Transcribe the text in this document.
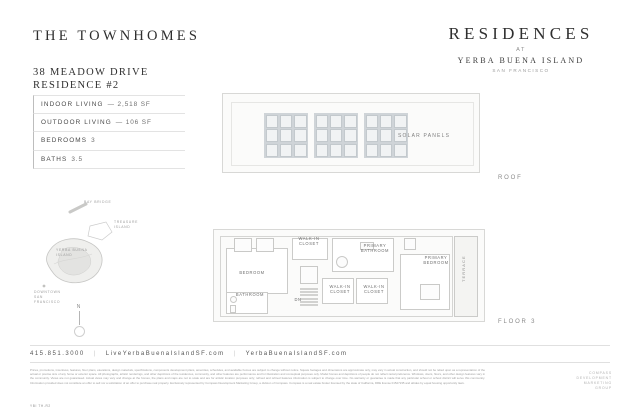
THE TOWNHOMES	RESIDENCES
AT
YERBA BUENA ISLAND
SAN FRANCISCO
38 MEADOW DRIVE
RESIDENCE #2
INDOOR LIVING — 2,518 SF
OUTDOOR LIVING — 106 SF
BEDROOMS 3
BATHS 3.5
BAY BRIDGE
YERBA BUENA ISLAND
TREASURE ISLAND
DOWNTOWN SAN FRANCISCO
N
SOLAR PANELS
ROOF
BEDROOM
BATHROOM
WALK-IN CLOSET
WALK-IN CLOSET
WALK-IN CLOSET
PRIMARY BATHROOM
PRIMARY BEDROOM
DN
TERRACE
FLOOR 3
415.851.3000 | LiveYerbaBuenaIslandSF.com | YerbaBuenaIslandSF.com
Prices, promotions, incentives, features, floor plans, elevations, design materials, specifications, components development plans, amenities, schedules, and available homes are subject to change without notice. Square footages and dimensions are approximate only, may vary in actual construction, and should not be relied upon as a representation of the actual or precise size of any home or exterior space. All photographs, artistic renderings, and other depictions of the residences, community, and other features are performance and for illustration and conceptual purposes only. Model homes and depictions of people do not reflect racial preference. Windows, doors, floors, and other design features vary in the community. Views are not guaranteed. Actual views may vary and change at the homes, the plans and maps are not to scale and are for artistic location purposes only; refined and refined features information is subject to change over time. No warranty or guarantee is made that any particular school or school district will serve this community. Information provided does not constitute an offer to sell nor a solicitation of an offer to purchase real property. Exclusively represented by Compass Development Marketing Group, a division of Compass. Compass is a real estate broker licensed by the state of California, DRE license 01527235 and abides by equal housing opportunity laws.
YBI TH-R2
COMPASS
DEVELOPMENT
MARKETING
GROUP
